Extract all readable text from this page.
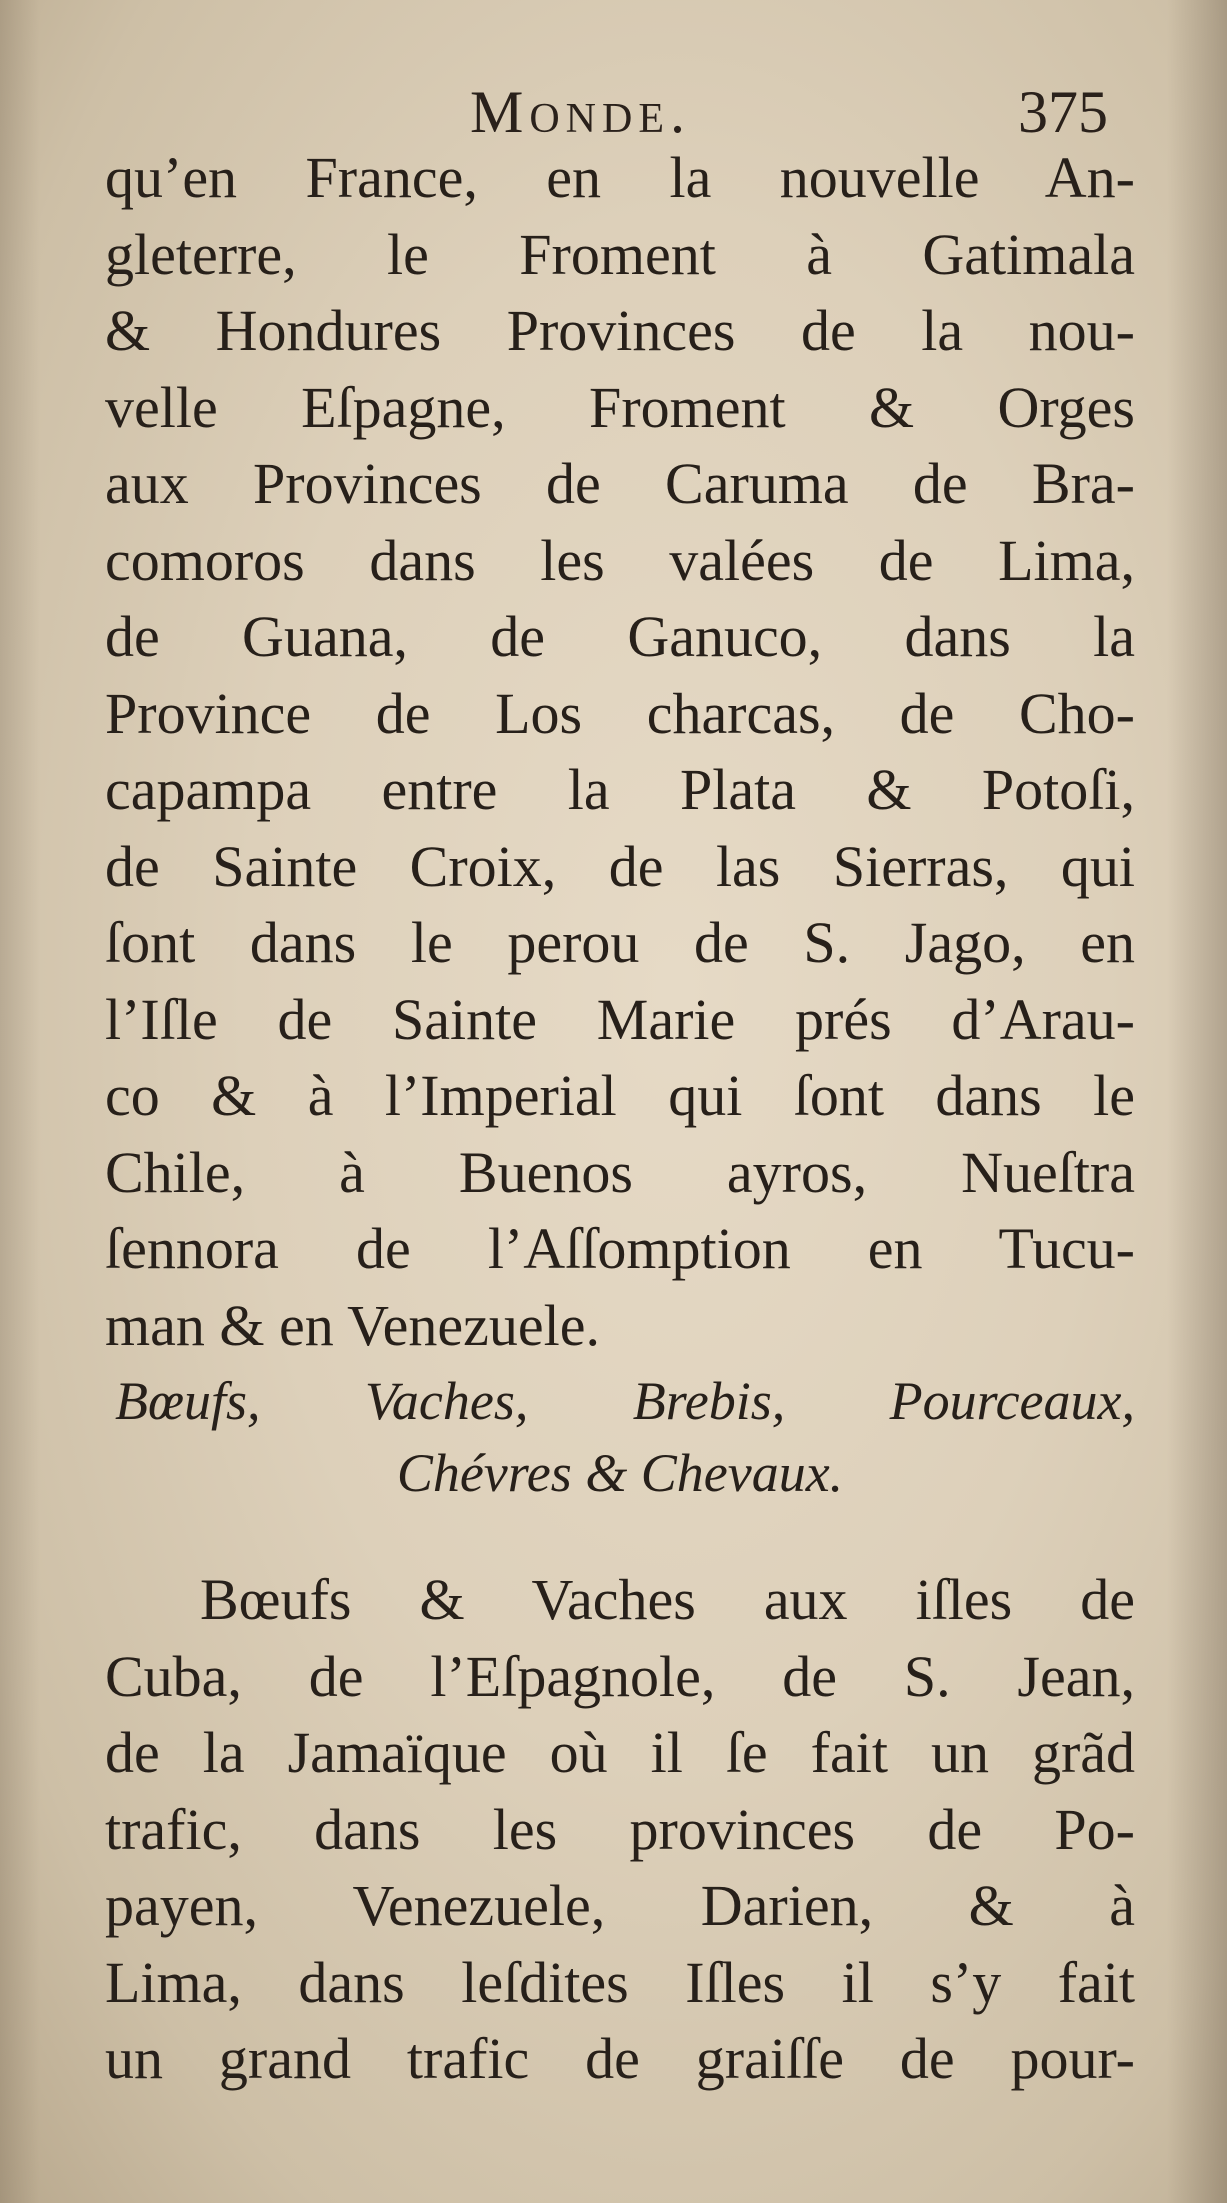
Monde.	375
qu’en France, en la nouvelle An-
gleterre, le Froment à Gatimala
& Hondures Provinces de la nou-
velle Eſpagne, Froment & Orges
aux Provinces de Caruma de Bra-
comoros dans les valées de Lima,
de Guana, de Ganuco, dans la
Province de Los charcas, de Cho-
capampa entre la Plata & Potoſi,
de Sainte Croix, de las Sierras, qui
ſont dans le perou de S. Jago, en
l’Iſle de Sainte Marie prés d’Arau-
co & à l’Imperial qui ſont dans le
Chile, à Buenos ayros, Nueſtra
ſennora de l’Aſſomption en Tucu-
man & en Venezuele.
Bœufs, Vaches, Brebis, Pourceaux,
Chévres & Chevaux.
Bœufs & Vaches aux iſles de
Cuba, de l’Eſpagnole, de S. Jean,
de la Jamaïque où il ſe fait un grãd
trafic, dans les provinces de Po-
payen, Venezuele, Darien, & à
Lima, dans leſdites Iſles il s’y fait
un grand trafic de graiſſe de pour-
